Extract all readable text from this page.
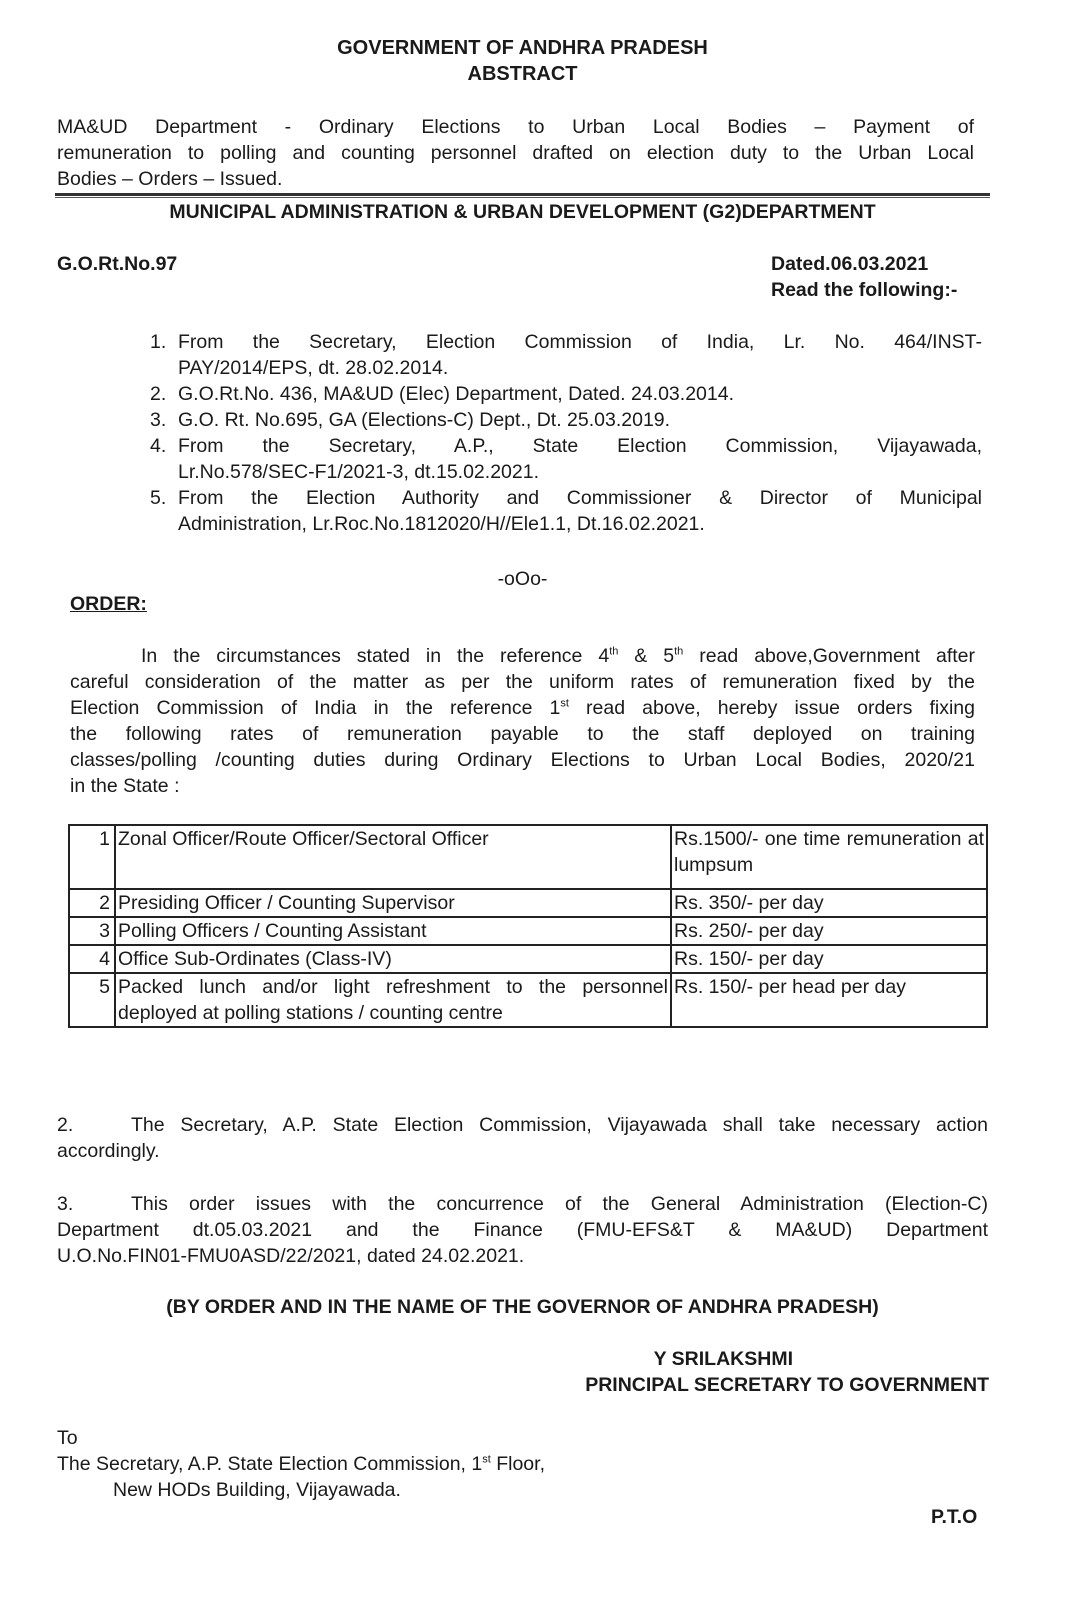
GOVERNMENT OF ANDHRA PRADESH
ABSTRACT
MA&UD Department - Ordinary Elections to Urban Local Bodies – Payment of
remuneration to polling and counting personnel drafted on election duty to the Urban Local
Bodies – Orders – Issued.
MUNICIPAL ADMINISTRATION & URBAN DEVELOPMENT (G2)DEPARTMENT
G.O.Rt.No.97	Dated.06.03.2021
Read the following:-
1. From the Secretary, Election Commission of India, Lr. No. 464/INST-
PAY/2014/EPS, dt. 28.02.2014.
2. G.O.Rt.No. 436, MA&UD (Elec) Department, Dated. 24.03.2014.
3. G.O. Rt. No.695, GA (Elections-C) Dept., Dt. 25.03.2019.
4. From the Secretary, A.P., State Election Commission, Vijayawada,
Lr.No.578/SEC-F1/2021-3, dt.15.02.2021.
5. From the Election Authority and Commissioner & Director of Municipal
Administration, Lr.Roc.No.1812020/H//Ele1.1, Dt.16.02.2021.
-oOo-
ORDER:
In the circumstances stated in the reference 4th & 5th read above,Government after
careful consideration of the matter as per the uniform rates of remuneration fixed by the
Election Commission of India in the reference 1st read above, hereby issue orders fixing
the following rates of remuneration payable to the staff deployed on training
classes/polling /counting duties during Ordinary Elections to Urban Local Bodies, 2020/21
in the State :
1	Zonal Officer/Route Officer/Sectoral Officer	Rs.1500/- one time remuneration at lumpsum
2	Presiding Officer / Counting Supervisor	Rs. 350/- per day
3	Polling Officers / Counting Assistant	Rs. 250/- per day
4	Office Sub-Ordinates (Class-IV)	Rs. 150/- per day
5	Packed lunch and/or light refreshment to the personnel deployed at polling stations / counting centre	Rs. 150/- per head per day
2.	The Secretary, A.P. State Election Commission, Vijayawada shall take necessary action
accordingly.
3.	This order issues with the concurrence of the General Administration (Election-C)
Department dt.05.03.2021 and the Finance (FMU-EFS&T & MA&UD) Department
U.O.No.FIN01-FMU0ASD/22/2021, dated 24.02.2021.
(BY ORDER AND IN THE NAME OF THE GOVERNOR OF ANDHRA PRADESH)
Y SRILAKSHMI
PRINCIPAL SECRETARY TO GOVERNMENT
To
The Secretary, A.P. State Election Commission, 1st Floor,
New HODs Building, Vijayawada.
P.T.O
